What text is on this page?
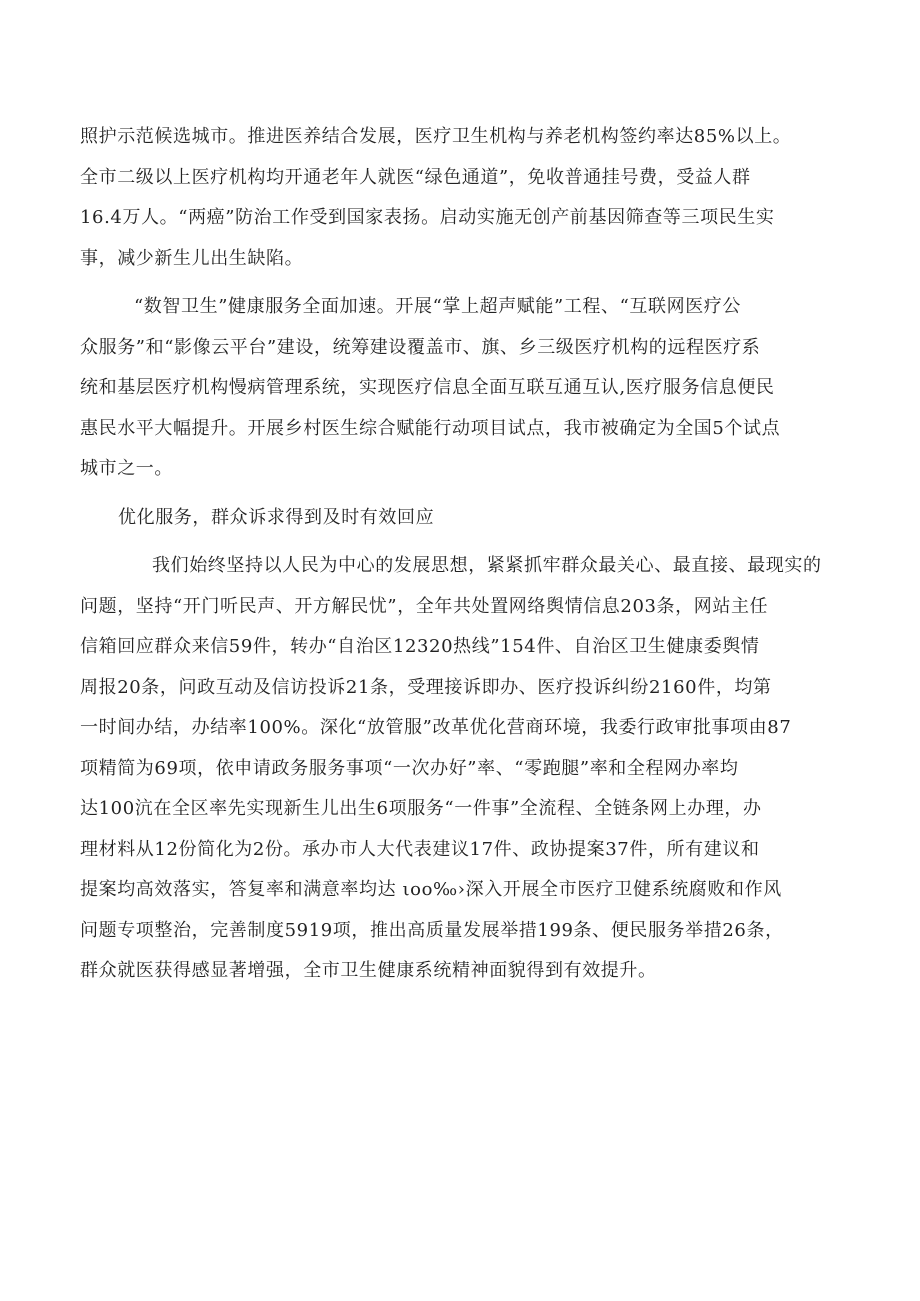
照护示范候选城市。推进医养结合发展，医疗卫生机构与养老机构签约率达85%以上。
全市二级以上医疗机构均开通老年人就医“绿色通道”，免收普通挂号费，受益人群
16.4万人。“两癌”防治工作受到国家表扬。启动实施无创产前基因筛查等三项民生实
事，减少新生儿出生缺陷。
“数智卫生”健康服务全面加速。开展“掌上超声赋能”工程、“互联网医疗公
众服务”和“影像云平台”建设，统筹建设覆盖市、旗、乡三级医疗机构的远程医疗系
统和基层医疗机构慢病管理系统，实现医疗信息全面互联互通互认,医疗服务信息便民
惠民水平大幅提升。开展乡村医生综合赋能行动项目试点，我市被确定为全国5个试点
城市之一。
优化服务，群众诉求得到及时有效回应
我们始终坚持以人民为中心的发展思想，紧紧抓牢群众最关心、最直接、最现实的
问题，坚持“开门听民声、开方解民忧”，全年共处置网络舆情信息203条，网站主任
信箱回应群众来信59件，转办“自治区12320热线”154件、自治区卫生健康委舆情
周报20条，问政互动及信访投诉21条，受理接诉即办、医疗投诉纠纷2160件，均第
一时间办结，办结率100%。深化“放管服”改革优化营商环境，我委行政审批事项由87
项精简为69项，依申请政务服务事项“一次办好”率、“零跑腿”率和全程网办率均
达100沆在全区率先实现新生儿出生6项服务“一件事”全流程、全链条网上办理，办
理材料从12份简化为2份。承办市人大代表建议17件、政协提案37件，所有建议和
提案均高效落实，答复率和满意率均达 ιoo‰›深入开展全市医疗卫健系统腐败和作风
问题专项整治，完善制度5919项，推出高质量发展举措199条、便民服务举措26条，
群众就医获得感显著增强，全市卫生健康系统精神面貌得到有效提升。
